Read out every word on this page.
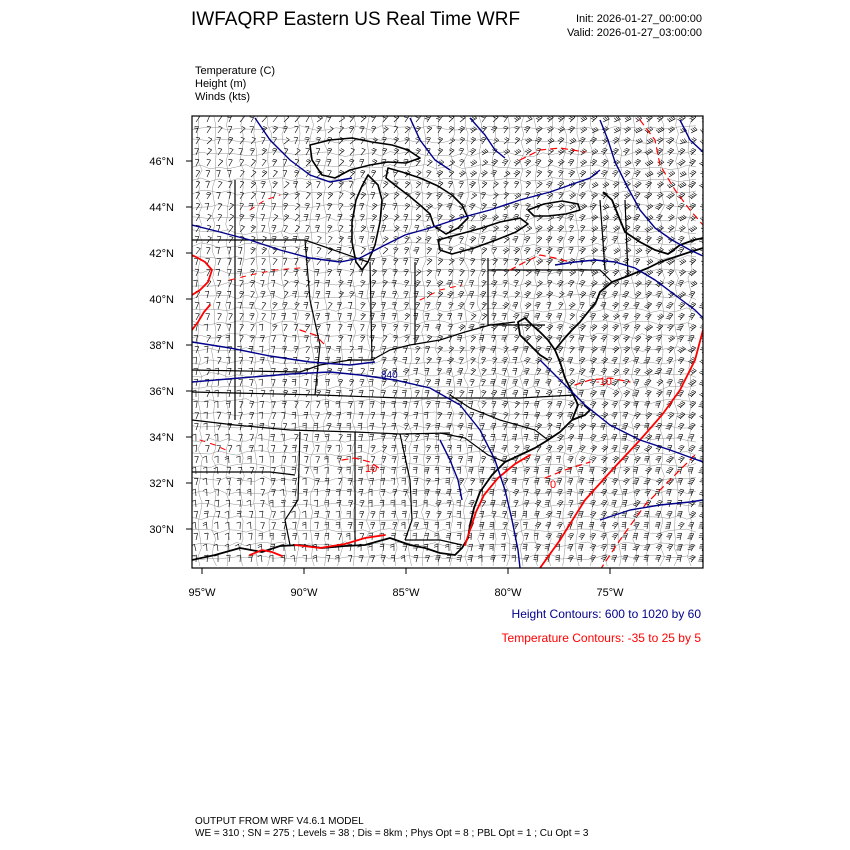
IWFAQRP Eastern US Real Time WRF	Init: 2026-01-27_00:00:00
Valid: 2026-01-27_03:00:00
Temperature (C)
Height (m)
Winds (kts)
840
-10
0
10
46°N
44°N
42°N
40°N
38°N
36°N
34°N
32°N
30°N
95°W	90°W	85°W	80°W	75°W
Height Contours: 600 to 1020 by 60
Temperature Contours: -35 to 25 by 5
OUTPUT FROM WRF V4.6.1 MODEL
WE = 310 ; SN = 275 ; Levels = 38 ; Dis = 8km ; Phys Opt = 8 ; PBL Opt = 1 ; Cu Opt = 3
